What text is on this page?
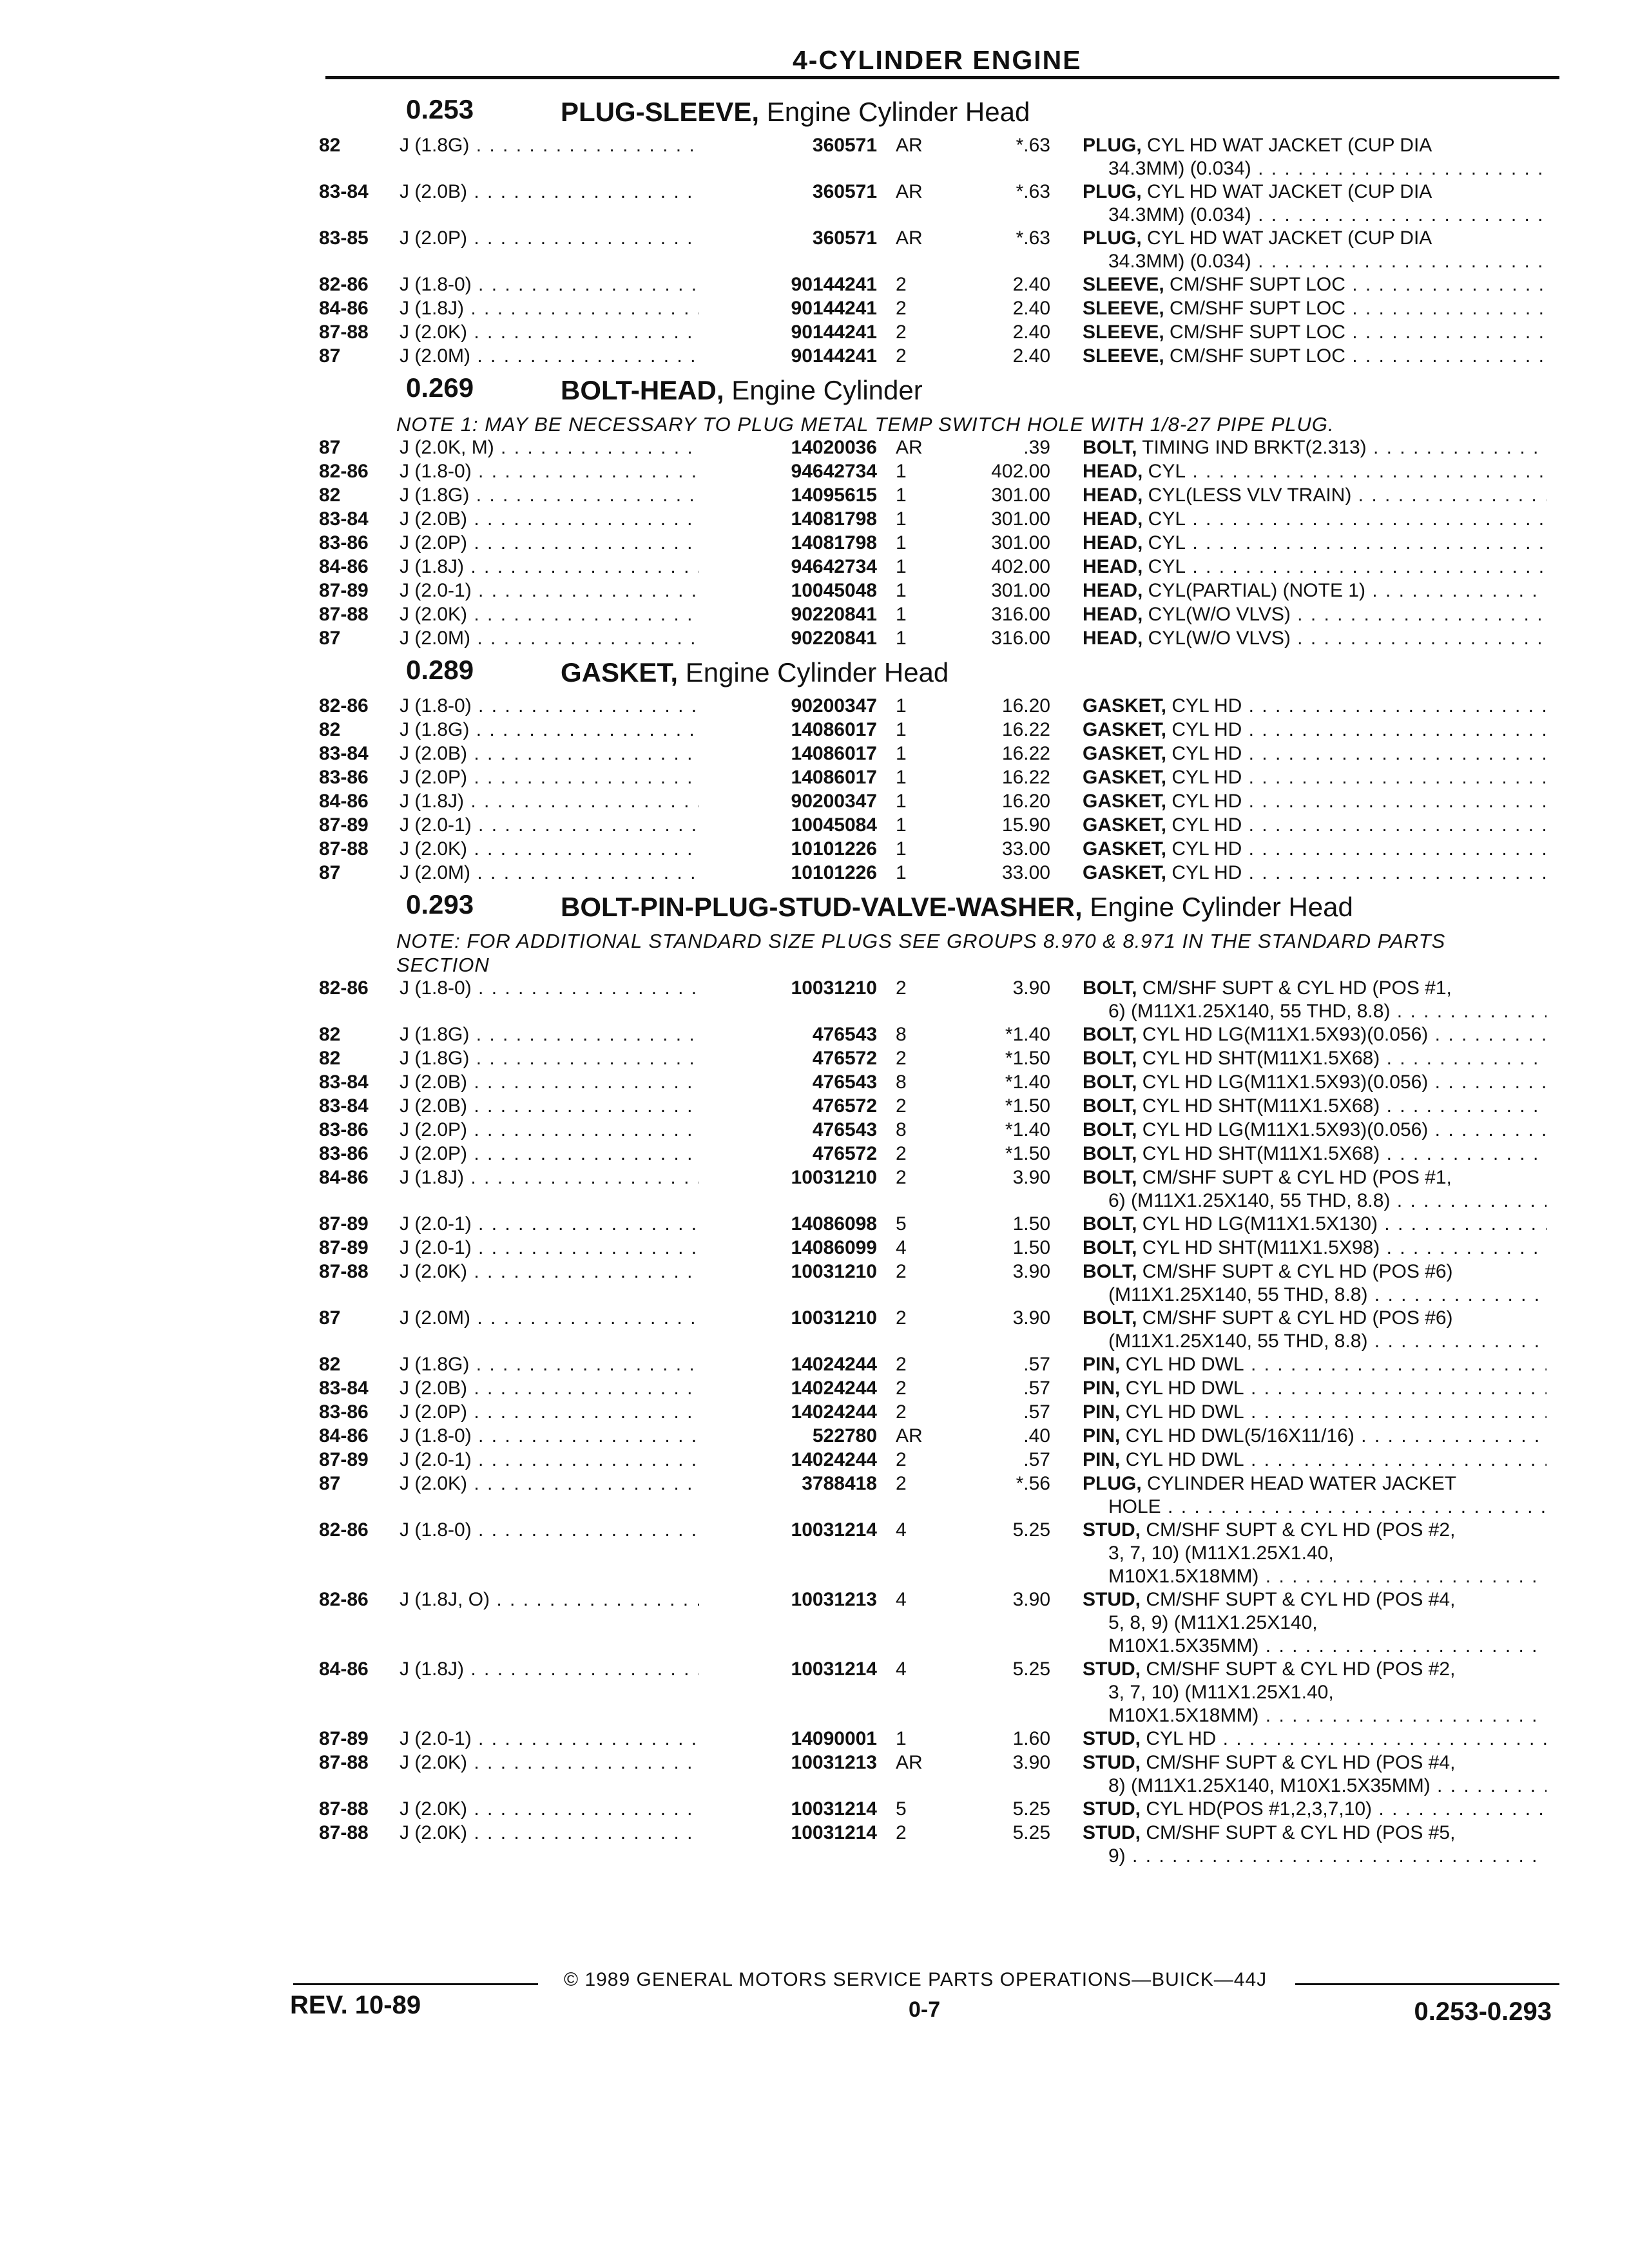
4-CYLINDER ENGINE
0.253	PLUG-SLEEVE, Engine Cylinder Head
82	J (1.8G) . . .	360571 AR	*.63 PLUG, CYL HD WAT JACKET (CUP DIA
34.3MM) (0.034) . . .
83-84 J (2.0B) . . .	360571 AR	*.63 PLUG, CYL HD WAT JACKET (CUP DIA
34.3MM) (0.034) . . .
83-85 J (2.0P) . . .	360571 AR	*.63 PLUG, CYL HD WAT JACKET (CUP DIA
34.3MM) (0.034) . . .
82-86 J (1.8-0) . . .	90144241 2	2.40 SLEEVE, CM/SHF SUPT LOC . . .
84-86 J (1.8J) . . .	90144241 2	2.40 SLEEVE, CM/SHF SUPT LOC . . .
87-88 J (2.0K) . . .	90144241 2	2.40 SLEEVE, CM/SHF SUPT LOC . . .
87	J (2.0M) . . .	90144241 2	2.40 SLEEVE, CM/SHF SUPT LOC . . .
0.269	BOLT-HEAD, Engine Cylinder
NOTE 1: MAY BE NECESSARY TO PLUG METAL TEMP SWITCH HOLE WITH 1/8-27 PIPE PLUG.
87	J (2.0K, M) . . .	14020036 AR	.39 BOLT, TIMING IND BRKT(2.313) . . .
82-86 J (1.8-0) . . .	94642734 1	402.00 HEAD, CYL . . .
82	J (1.8G) . . .	14095615 1	301.00 HEAD, CYL(LESS VLV TRAIN) . . .
83-84 J (2.0B) . . .	14081798 1	301.00 HEAD, CYL . . .
83-86 J (2.0P) . . .	14081798 1	301.00 HEAD, CYL . . .
84-86 J (1.8J) . . .	94642734 1	402.00 HEAD, CYL . . .
87-89 J (2.0-1) . . .	10045048 1	301.00 HEAD, CYL(PARTIAL) (NOTE 1) . . .
87-88 J (2.0K) . . .	90220841 1	316.00 HEAD, CYL(W/O VLVS) . . .
87	J (2.0M) . . .	90220841 1	316.00 HEAD, CYL(W/O VLVS) . . .
0.289	GASKET, Engine Cylinder Head
82-86 J (1.8-0) . . .	90200347 1	16.20 GASKET, CYL HD . . .
82	J (1.8G) . . .	14086017 1	16.22 GASKET, CYL HD . . .
83-84 J (2.0B) . . .	14086017 1	16.22 GASKET, CYL HD . . .
83-86 J (2.0P) . . .	14086017 1	16.22 GASKET, CYL HD . . .
84-86 J (1.8J) . . .	90200347 1	16.20 GASKET, CYL HD . . .
87-89 J (2.0-1) . . .	10045084 1	15.90 GASKET, CYL HD . . .
87-88 J (2.0K) . . .	10101226 1	33.00 GASKET, CYL HD . . .
87	J (2.0M) . . .	10101226 1	33.00 GASKET, CYL HD . . .
0.293	BOLT-PIN-PLUG-STUD-VALVE-WASHER, Engine Cylinder Head
NOTE: FOR ADDITIONAL STANDARD SIZE PLUGS SEE GROUPS 8.970 & 8.971 IN THE STANDARD PARTS SECTION
82-86 J (1.8-0) . . .	10031210 2	3.90 BOLT, CM/SHF SUPT & CYL HD (POS #1,
6) (M11X1.25X140, 55 THD, 8.8) . . .
82	J (1.8G) . . .	476543 8	*1.40 BOLT, CYL HD LG(M11X1.5X93)(0.056) . . .
82	J (1.8G) . . .	476572 2	*1.50 BOLT, CYL HD SHT(M11X1.5X68) . . .
83-84 J (2.0B) . . .	476543 8	*1.40 BOLT, CYL HD LG(M11X1.5X93)(0.056) . . .
83-84 J (2.0B) . . .	476572 2	*1.50 BOLT, CYL HD SHT(M11X1.5X68) . . .
83-86 J (2.0P) . . .	476543 8	*1.40 BOLT, CYL HD LG(M11X1.5X93)(0.056) . . .
83-86 J (2.0P) . . .	476572 2	*1.50 BOLT, CYL HD SHT(M11X1.5X68) . . .
84-86 J (1.8J) . . .	10031210 2	3.90 BOLT, CM/SHF SUPT & CYL HD (POS #1,
6) (M11X1.25X140, 55 THD, 8.8) . . .
87-89 J (2.0-1) . . .	14086098 5	1.50 BOLT, CYL HD LG(M11X1.5X130) . . .
87-89 J (2.0-1) . . .	14086099 4	1.50 BOLT, CYL HD SHT(M11X1.5X98) . . .
87-88 J (2.0K) . . .	10031210 2	3.90 BOLT, CM/SHF SUPT & CYL HD (POS #6)
(M11X1.25X140, 55 THD, 8.8) . . .
87	J (2.0M) . . .	10031210 2	3.90 BOLT, CM/SHF SUPT & CYL HD (POS #6)
(M11X1.25X140, 55 THD, 8.8) . . .
82	J (1.8G) . . .	14024244 2	.57 PIN, CYL HD DWL . . .
83-84 J (2.0B) . . .	14024244 2	.57 PIN, CYL HD DWL . . .
83-86 J (2.0P) . . .	14024244 2	.57 PIN, CYL HD DWL . . .
84-86 J (1.8-0) . . .	522780 AR	.40 PIN, CYL HD DWL(5/16X11/16) . . .
87-89 J (2.0-1) . . .	14024244 2	.57 PIN, CYL HD DWL . . .
87	J (2.0K) . . .	3788418 2	*.56 PLUG, CYLINDER HEAD WATER JACKET
HOLE . . .
82-86 J (1.8-0) . . .	10031214 4	5.25 STUD, CM/SHF SUPT & CYL HD (POS #2,
3, 7, 10) (M11X1.25X1.40,
M10X1.5X18MM) . . .
82-86 J (1.8J, O) . . .	10031213 4	3.90 STUD, CM/SHF SUPT & CYL HD (POS #4,
5, 8, 9) (M11X1.25X140,
M10X1.5X35MM) . . .
84-86 J (1.8J) . . .	10031214 4	5.25 STUD, CM/SHF SUPT & CYL HD (POS #2,
3, 7, 10) (M11X1.25X1.40,
M10X1.5X18MM) . . .
87-89 J (2.0-1) . . .	14090001 1	1.60 STUD, CYL HD . . .
87-88 J (2.0K) . . .	10031213 AR	3.90 STUD, CM/SHF SUPT & CYL HD (POS #4,
8) (M11X1.25X140, M10X1.5X35MM) . . .
87-88 J (2.0K) . . .	10031214 5	5.25 STUD, CYL HD(POS #1,2,3,7,10) . . .
87-88 J (2.0K) . . .	10031214 2	5.25 STUD, CM/SHF SUPT & CYL HD (POS #5,
9) . . .
© 1989 GENERAL MOTORS SERVICE PARTS OPERATIONS—BUICK—44J
REV. 10-89	0-7	0.253-0.293
